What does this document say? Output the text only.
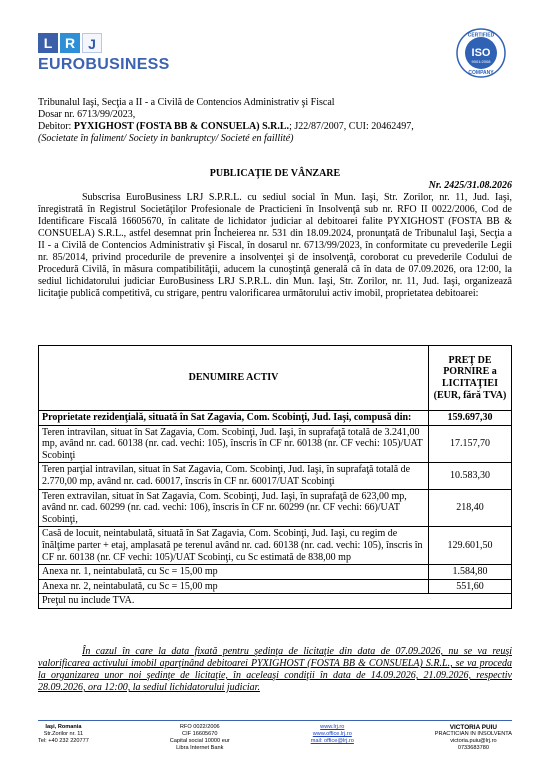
L R J
EUROBUSINESS
CERTIFIED
ISO
9001:2008
COMPANY

Tribunalul Iaşi, Secţia a II - a Civilă de Contencios Administrativ şi Fiscal

Dosar nr. 6713/99/2023,

Debitor: PYXIGHOST (FOSTA BB & CONSUELA) S.R.L.; J22/87/2007, CUI: 20462497,

(Societate în faliment/ Society in bankruptcy/ Societé en faillité)

PUBLICAŢIE DE VÂNZARE

Nr. 2425/31.08.2026

Subscrisa EuroBusiness LRJ S.P.R.L. cu sediul social în Mun. Iaşi, Str. Zorilor, nr. 11, Jud. Iaşi, înregistrată în Registrul Societăţilor Profesionale de Practicieni în Insolvenţă sub nr. RFO II 0022/2006, Cod de Identificare Fiscală 16605670, în calitate de lichidator judiciar al debitoarei falite PYXIGHOST (FOSTA BB & CONSUELA) S.R.L., astfel desemnat prin Încheierea nr. 531 din 18.09.2024, pronunţată de Tribunalul Iaşi, Secţia a II - a Civilă de Contencios Administrativ şi Fiscal, în dosarul nr. 6713/99/2023, în conformitate cu prevederile Legii nr. 85/2014, privind procedurile de prevenire a insolvenţei şi de insolvenţă, coroborat cu prevederile Codului de Procedură Civilă, în măsura compatibilităţii, aducem la cunoştinţă generală că în data de 07.09.2026, ora 12:00, la sediul lichidatorului judiciar EuroBusiness LRJ S.P.R.L. din Mun. Iaşi, Str. Zorilor, nr. 11, Jud. Iaşi, organizează licitaţie publică competitivă, cu strigare, pentru valorificarea următorului activ imobil, proprietatea debitoarei:

DENUMIRE ACTIV	PREŢ DE PORNIRE a LICITAŢIEI (EUR, fără TVA)
Proprietate rezidenţială, situată în Sat Zagavia, Com. Scobinţi, Jud. Iaşi, compusă din:	159.697,30
Teren intravilan, situat în Sat Zagavia, Com. Scobinţi, Jud. Iaşi, în suprafaţă totală de 3.241,00 mp, având nr. cad. 60138 (nr. cad. vechi: 105), înscris în CF nr. 60138 (nr. CF vechi: 105)/UAT Scobinţi	17.157,70
Teren parţial intravilan, situat în Sat Zagavia, Com. Scobinţi, Jud. Iaşi, în suprafaţă totală de 2.770,00 mp, având nr. cad. 60017, înscris în CF nr. 60017/UAT Scobinţi	10.583,30
Teren extravilan, situat în Sat Zagavia, Com. Scobinţi, Jud. Iaşi, în suprafaţă de 623,00 mp, având nr. cad. 60299 (nr. cad. vechi: 106), înscris în CF nr. 60299 (nr. CF vechi: 66)/UAT Scobinţi,	218,40
Casă de locuit, neintabulată, situată în Sat Zagavia, Com. Scobinţi, Jud. Iaşi, cu regim de înălţime parter + etaj, amplasată pe terenul având nr. cad. 60138 (nr. cad. vechi: 105), înscris în CF nr. 60138 (nr. CF vechi: 105)/UAT Scobinţi, cu Sc estimată de 838,00 mp	129.601,50
Anexa nr. 1, neintabulată, cu Sc = 15,00 mp	1.584,80
Anexa nr. 2, neintabulată, cu Sc = 15,00 mp	551,60
Preţul nu include TVA.	

În cazul în care la data fixată pentru şedinţa de licitaţie din data de 07.09.2026, nu se va reuşi valorificarea activului imobil aparţinând debitoarei PYXIGHOST (FOSTA BB & CONSUELA) S.R.L., se va proceda la organizarea unor noi şedinţe de licitaţie, în aceleaşi condiţii în data de 14.09.2026, 21.09.2026, respectiv 28.09.2026, ora 12:00, la sediul lichidatorului judiciar.

Iaşi, Romania
Str.Zorilor nr. 11
Tel: +40 232 220777
RFO 0022/2006
CIF 16605670
Capital social 10000 eur
Libra Internet Bank
www.lrj.ro
www.office.lrj.ro
mail: office@lrj.ro
VICTORIA PUIU
PRACTICIAN IN INSOLVENTA
victoria.puiu@lrj.ro
0733683780
